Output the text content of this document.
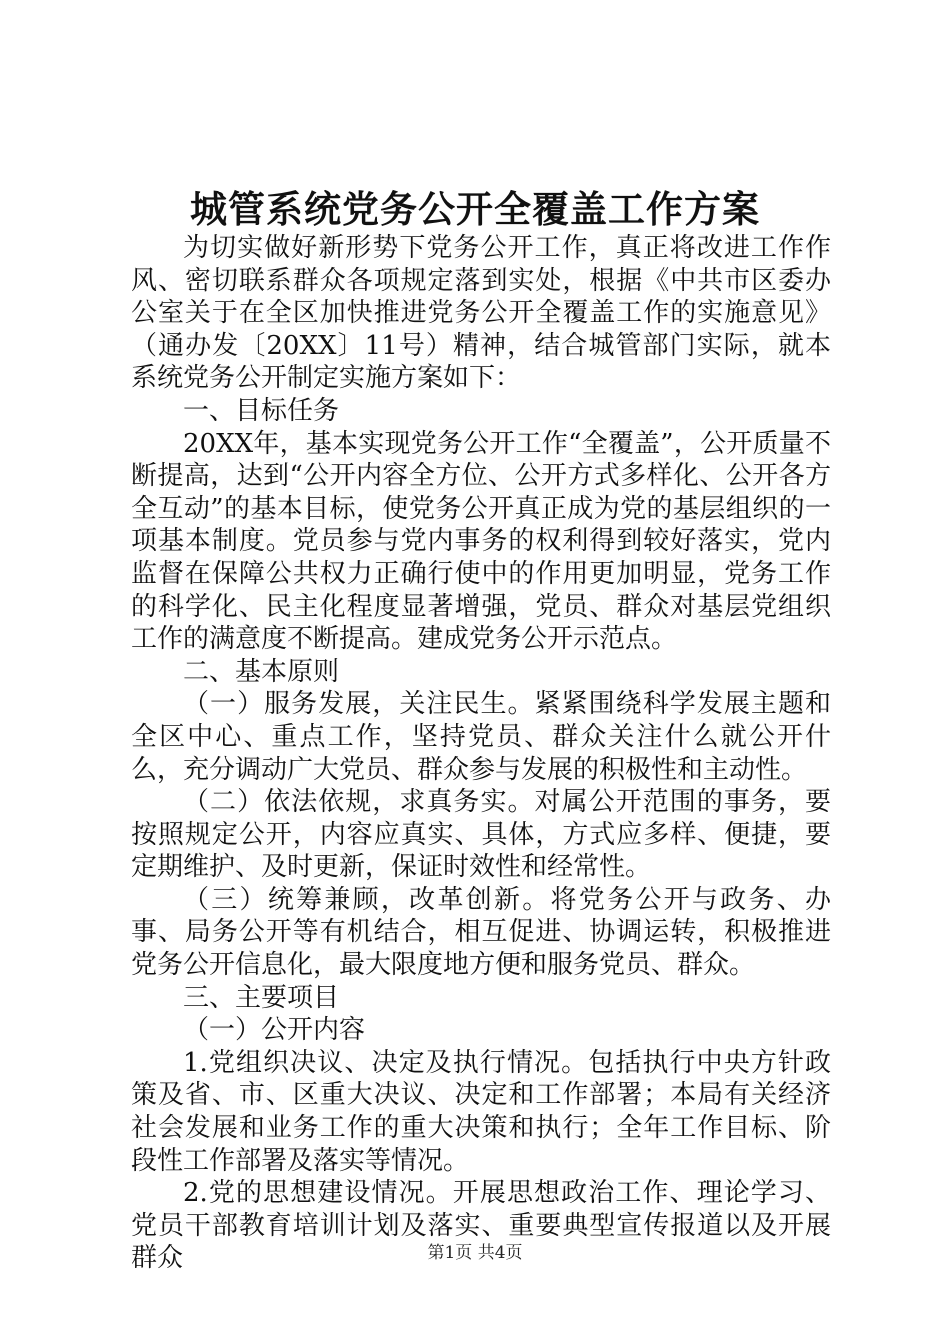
城管系统党务公开全覆盖工作方案

为切实做好新形势下党务公开工作，真正将改进工作作风、密切联系群众各项规定落到实处，根据《中共市区委办公室关于在全区加快推进党务公开全覆盖工作的实施意见》（通办发〔20XX〕11号）精神，结合城管部门实际，就本系统党务公开制定实施方案如下：

一、目标任务

20XX年，基本实现党务公开工作“全覆盖”，公开质量不断提高，达到“公开内容全方位、公开方式多样化、公开各方全互动”的基本目标，使党务公开真正成为党的基层组织的一项基本制度。党员参与党内事务的权利得到较好落实，党内监督在保障公共权力正确行使中的作用更加明显，党务工作的科学化、民主化程度显著增强，党员、群众对基层党组织工作的满意度不断提高。建成党务公开示范点。

二、基本原则

（一）服务发展，关注民生。紧紧围绕科学发展主题和全区中心、重点工作，坚持党员、群众关注什么就公开什么，充分调动广大党员、群众参与发展的积极性和主动性。

（二）依法依规，求真务实。对属公开范围的事务，要按照规定公开，内容应真实、具体，方式应多样、便捷，要定期维护、及时更新，保证时效性和经常性。

（三）统筹兼顾，改革创新。将党务公开与政务、办事、局务公开等有机结合，相互促进、协调运转，积极推进党务公开信息化，最大限度地方便和服务党员、群众。

三、主要项目

（一）公开内容

1.党组织决议、决定及执行情况。包括执行中央方针政策及省、市、区重大决议、决定和工作部署；本局有关经济社会发展和业务工作的重大决策和执行；全年工作目标、阶段性工作部署及落实等情况。

2.党的思想建设情况。开展思想政治工作、理论学习、党员干部教育培训计划及落实、重要典型宣传报道以及开展群众	第1页 共4页
